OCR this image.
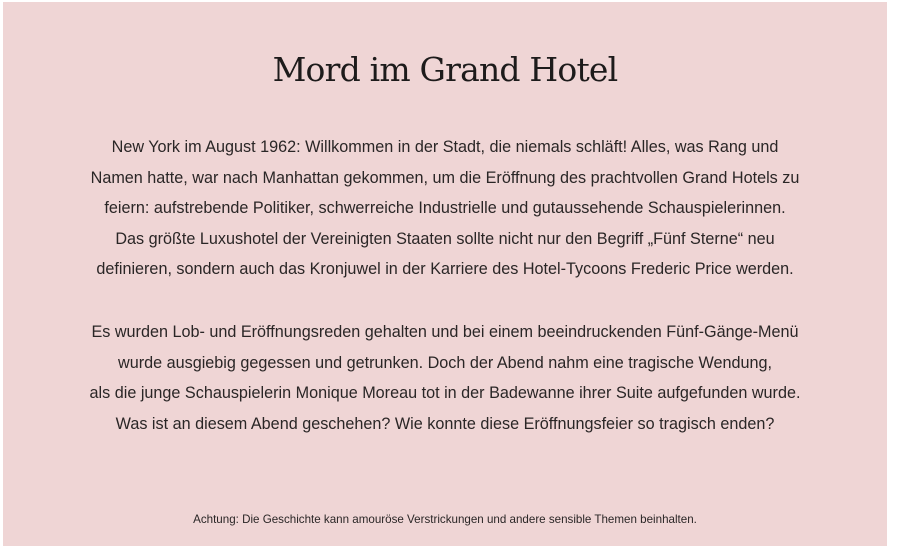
Mord im Grand Hotel
New York im August 1962: Willkommen in der Stadt, die niemals schläft! Alles, was Rang und
Namen hatte, war nach Manhattan gekommen, um die Eröffnung des prachtvollen Grand Hotels zu
feiern: aufstrebende Politiker, schwerreiche Industrielle und gutaussehende Schauspielerinnen.
Das größte Luxushotel der Vereinigten Staaten sollte nicht nur den Begriff „Fünf Sterne“ neu
definieren, sondern auch das Kronjuwel in der Karriere des Hotel-Tycoons Frederic Price werden.
Es wurden Lob- und Eröffnungsreden gehalten und bei einem beeindruckenden Fünf-Gänge-Menü
wurde ausgiebig gegessen und getrunken. Doch der Abend nahm eine tragische Wendung,
als die junge Schauspielerin Monique Moreau tot in der Badewanne ihrer Suite aufgefunden wurde.
Was ist an diesem Abend geschehen? Wie konnte diese Eröffnungsfeier so tragisch enden?
Achtung: Die Geschichte kann amouröse Verstrickungen und andere sensible Themen beinhalten.
